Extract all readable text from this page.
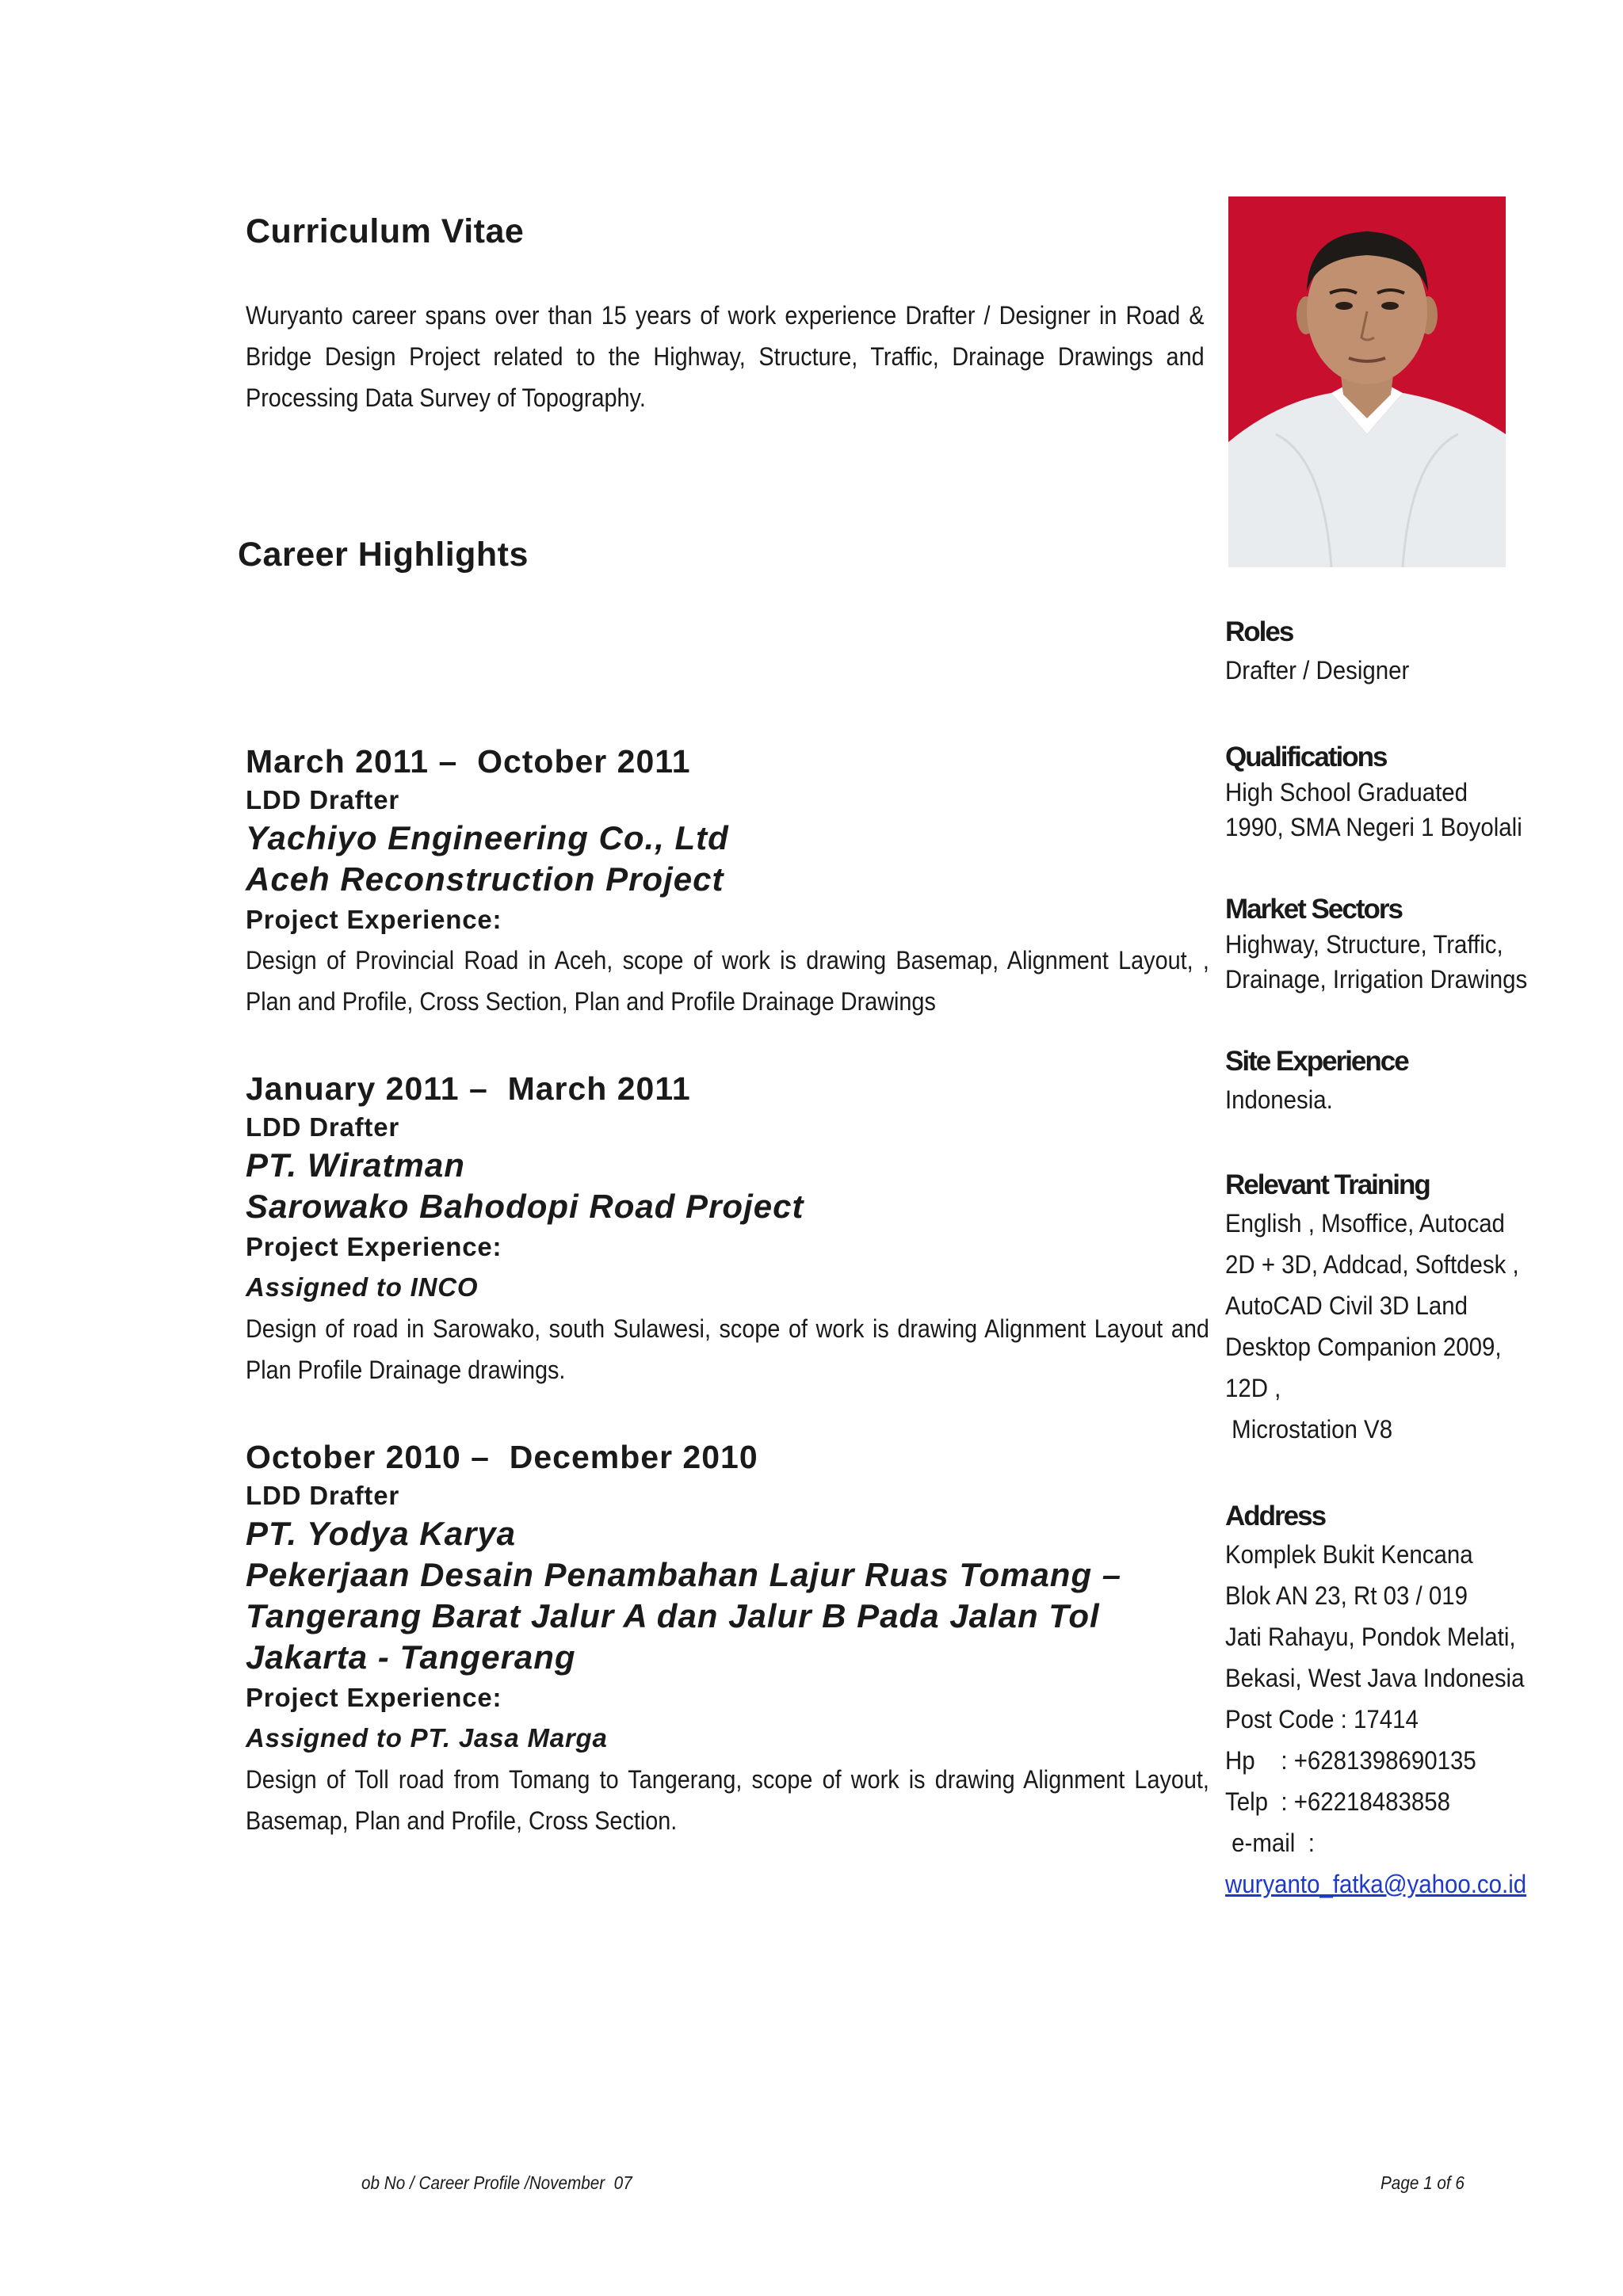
Curriculum Vitae
Wuryanto career spans over than 15 years of work experience Drafter / Designer in Road & Bridge Design Project related to the Highway, Structure, Traffic, Drainage Drawings and Processing Data Survey of Topography.
Career Highlights
March 2011 –  October 2011
LDD Drafter
Yachiyo Engineering Co., Ltd
Aceh Reconstruction Project
Project Experience:
Design of Provincial Road in Aceh, scope of work is drawing Basemap, Alignment Layout, , Plan and Profile, Cross Section, Plan and Profile Drainage Drawings
January 2011 –  March 2011
LDD Drafter
PT. Wiratman
Sarowako Bahodopi Road Project
Project Experience:
Assigned to INCO
Design of road in Sarowako, south Sulawesi, scope of work is drawing Alignment Layout and Plan Profile Drainage drawings.
October 2010 –  December 2010
LDD Drafter
PT. Yodya Karya
Pekerjaan Desain Penambahan Lajur Ruas Tomang –
Tangerang Barat Jalur A dan Jalur B Pada Jalan Tol
Jakarta - Tangerang
Project Experience:
Assigned to PT. Jasa Marga
Design of Toll road from Tomang to Tangerang, scope of work is drawing Alignment Layout, Basemap, Plan and Profile, Cross Section.
Roles
Drafter / Designer
Qualifications
High School Graduated
1990, SMA Negeri 1 Boyolali
Market Sectors
Highway, Structure, Traffic,
Drainage, Irrigation Drawings
Site Experience
Indonesia.
Relevant Training
English , Msoffice, Autocad
2D + 3D, Addcad, Softdesk ,
AutoCAD Civil 3D Land
Desktop Companion 2009,
12D ,
Microstation V8
Address
Komplek Bukit Kencana
Blok AN 23, Rt 03 / 019
Jati Rahayu, Pondok Melati,
Bekasi, West Java Indonesia
Post Code : 17414
Hp    : +6281398690135
Telp  : +62218483858
e-mail  :
wuryanto_fatka@yahoo.co.id
ob No / Career Profile /November  07	Page 1 of 6
